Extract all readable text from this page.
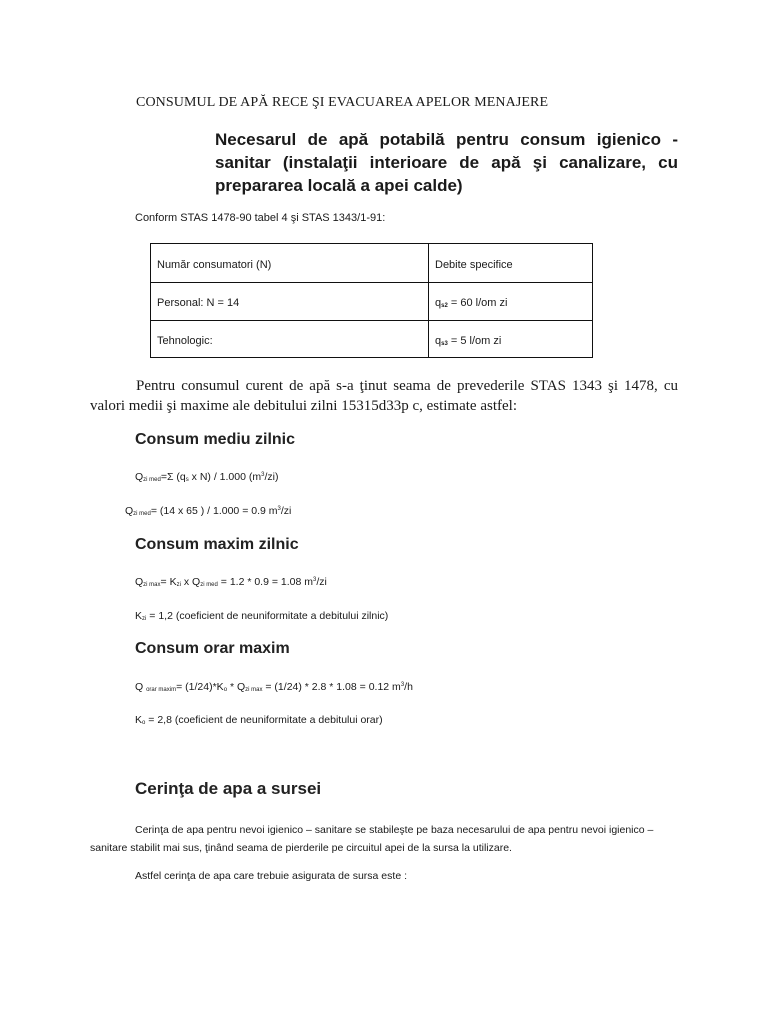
CONSUMUL DE APĂ RECE ŞI EVACUAREA APELOR MENAJERE
Necesarul de apă potabilă pentru consum igienico - sanitar (instalaţii interioare de apă şi canalizare, cu prepararea locală a apei calde)
Conform STAS 1478-90 tabel 4 şi STAS 1343/1-91:
Număr consumatori (N)	Debite specifice
Personal: N = 14	$q_{s2} = 60$ l/om zi
Tehnologic:	$q_{s3} = 5$ l/om zi
Pentru consumul curent de apă s-a ţinut seama de prevederile STAS 1343 şi 1478, cu valori medii şi maxime ale debitului zilni 15315d33p c, estimate astfel:
Consum mediu zilnic
$Q_{zi med}=\Sigma$ ($q_s$ x N) / 1.000 $(m^3/zi)$
$Q_{zi med}= (14$ x 65 ) / 1.000 = 0.9 $m^3/zi$
Consum maxim zilnic
$Q_{zi max}= K_{zi}$ x $Q_{zi med} = 1.2 * 0.9 = 1.08$ $m^3/zi$
$K_{zi} = 1,2$ (coeficient de neuniformitate a debitului zilnic)
Consum orar maxim
Q $_{orar maxim}= (1/24)*K_o * Q_{zi max} = (1/24) * 2.8 * 1.08 = 0.12$ $m^3/h$
$K_o = 2,8$ (coeficient de neuniformitate a debitului orar)
Cerinţa de apa a sursei
Cerinţa de apa pentru nevoi igienico – sanitare se stabileşte pe baza necesarului de apa pentru nevoi igienico – sanitare stabilit mai sus, ţinând seama de pierderile pe circuitul apei de la sursa la utilizare.
Astfel cerinţa de apa care trebuie asigurata de sursa este :
